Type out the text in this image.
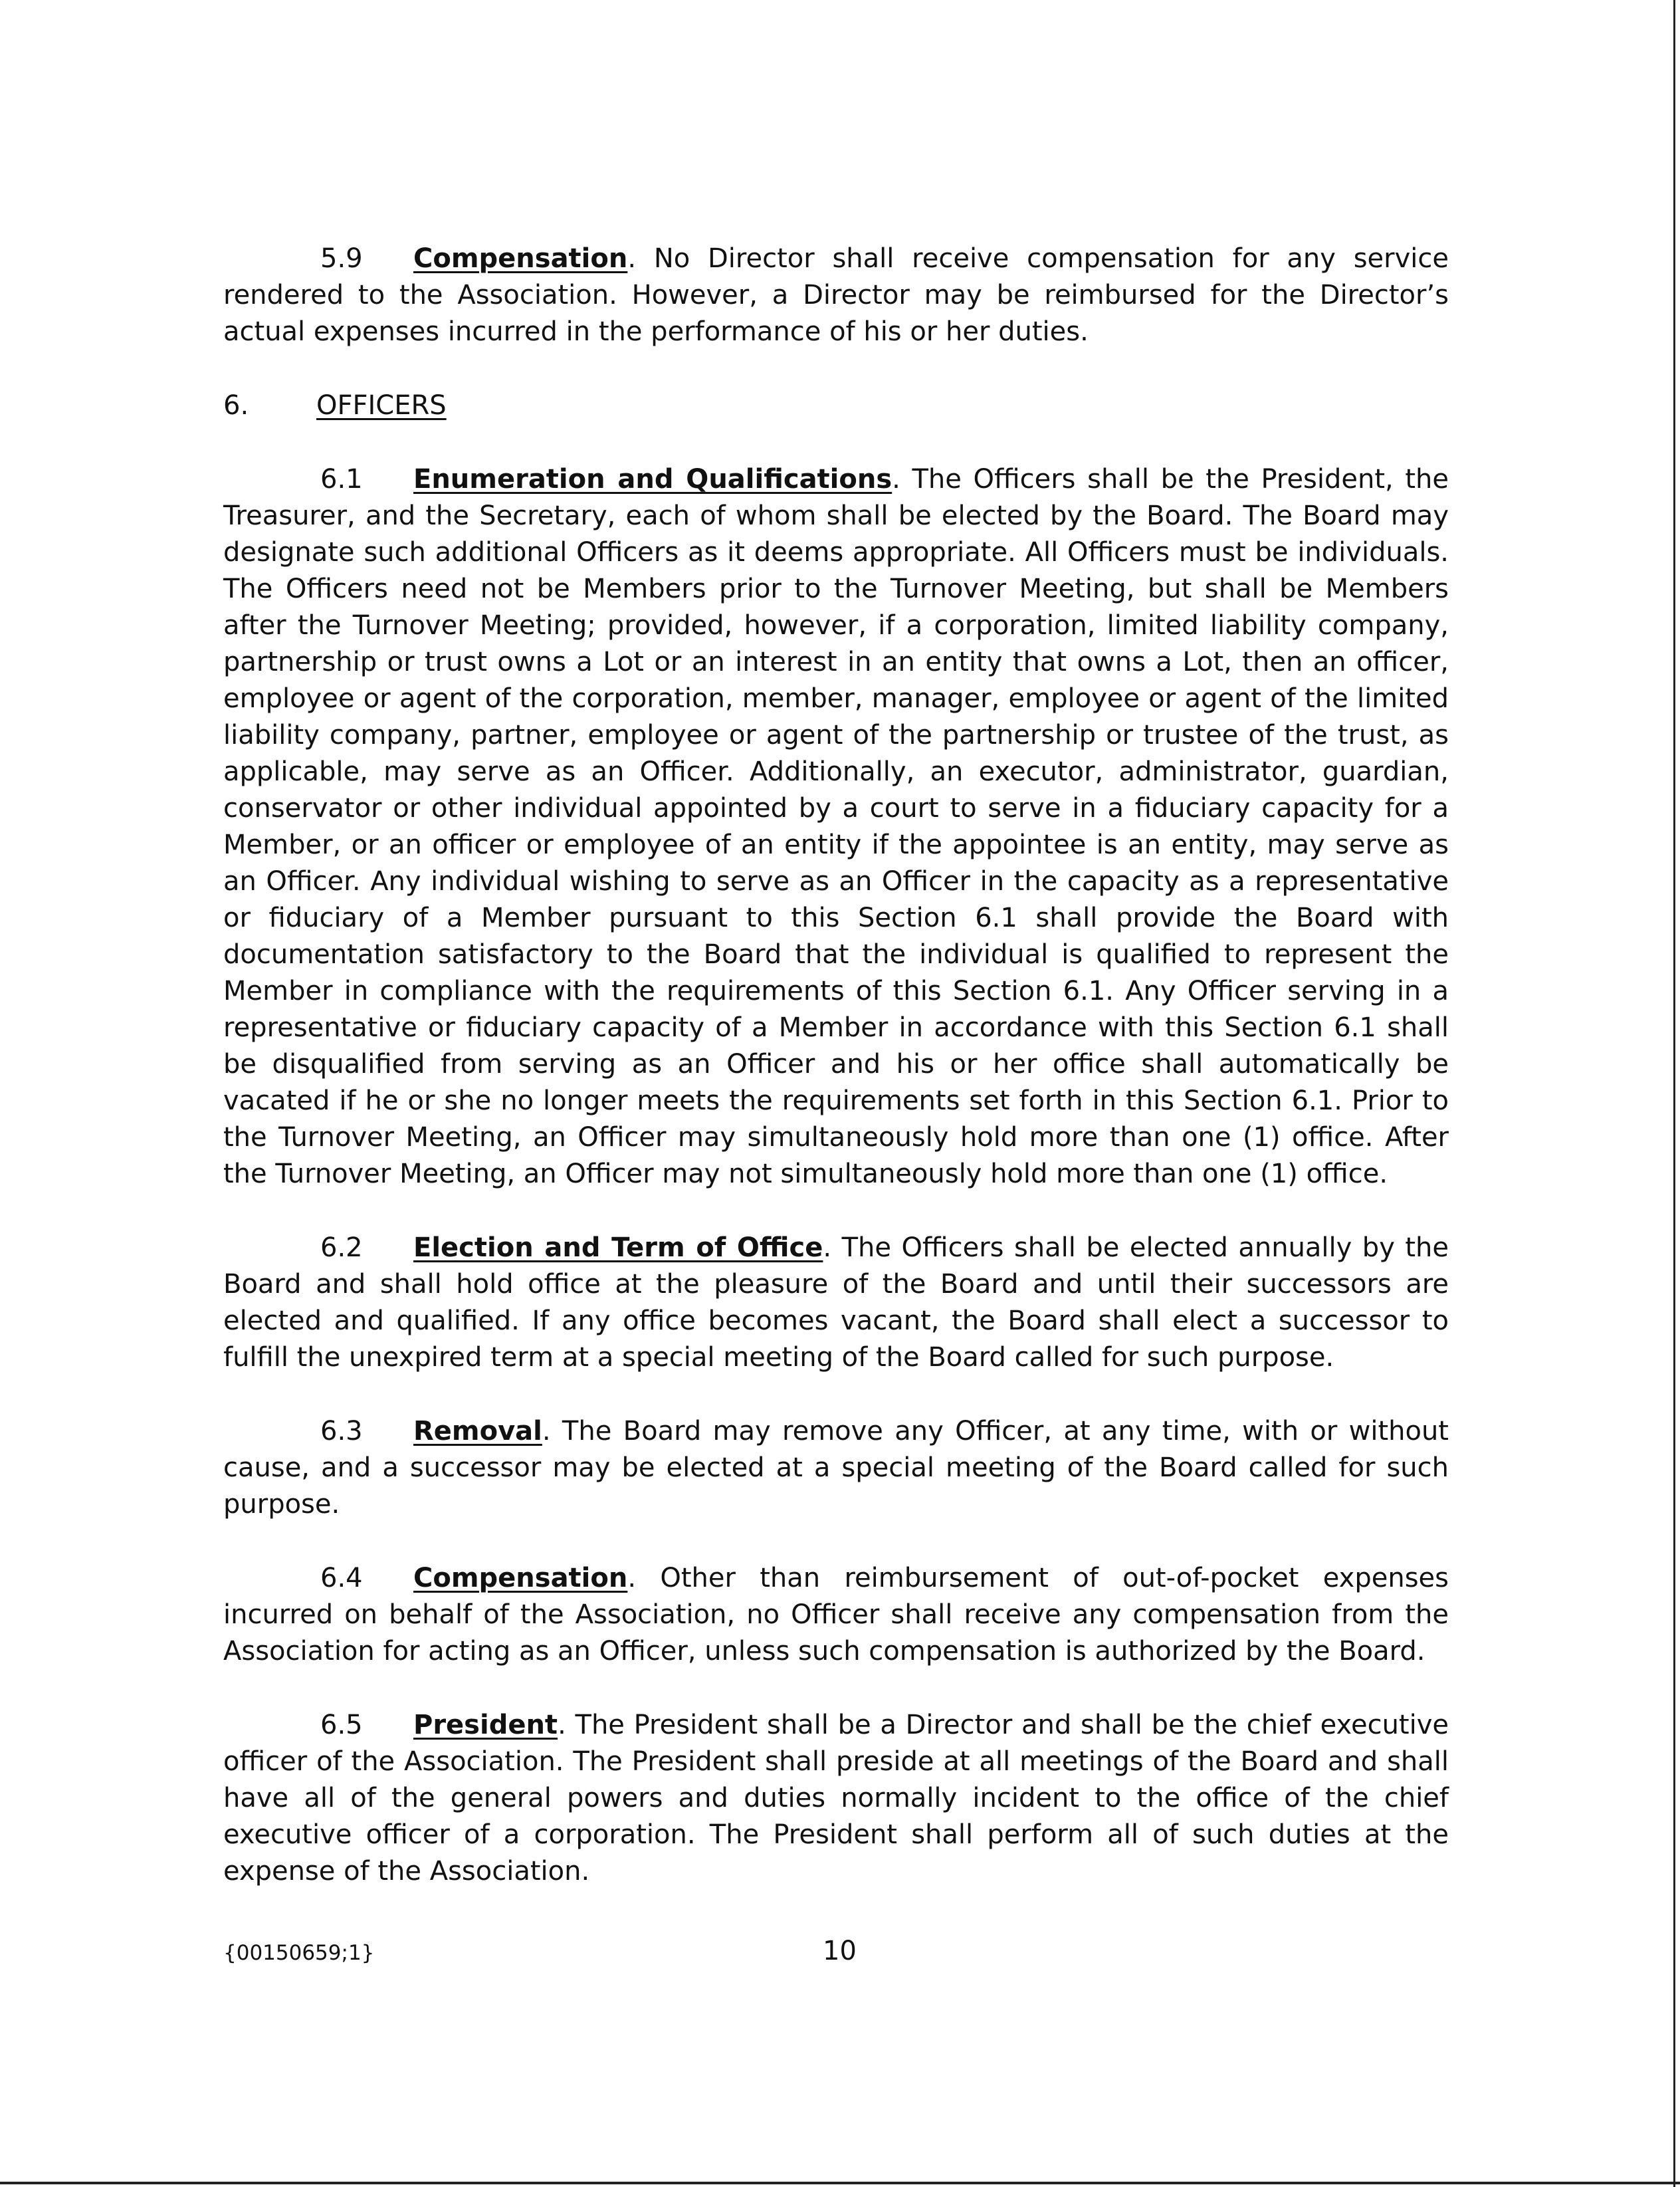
5.9 Compensation. No Director shall receive compensation for any service rendered to the Association. However, a Director may be reimbursed for the Director’s actual expenses incurred in the performance of his or her duties.

6.	OFFICERS

6.1 Enumeration and Qualifications. The Officers shall be the President, the Treasurer, and the Secretary, each of whom shall be elected by the Board. The Board may designate such additional Officers as it deems appropriate. All Officers must be individuals. The Officers need not be Members prior to the Turnover Meeting, but shall be Members after the Turnover Meeting; provided, however, if a corporation, limited liability company, partnership or trust owns a Lot or an interest in an entity that owns a Lot, then an officer, employee or agent of the corporation, member, manager, employee or agent of the limited liability company, partner, employee or agent of the partnership or trustee of the trust, as applicable, may serve as an Officer. Additionally, an executor, administrator, guardian, conservator or other individual appointed by a court to serve in a fiduciary capacity for a Member, or an officer or employee of an entity if the appointee is an entity, may serve as an Officer. Any individual wishing to serve as an Officer in the capacity as a representative or fiduciary of a Member pursuant to this Section 6.1 shall provide the Board with documentation satisfactory to the Board that the individual is qualified to represent the Member in compliance with the requirements of this Section 6.1. Any Officer serving in a representative or fiduciary capacity of a Member in accordance with this Section 6.1 shall be disqualified from serving as an Officer and his or her office shall automatically be vacated if he or she no longer meets the requirements set forth in this Section 6.1. Prior to the Turnover Meeting, an Officer may simultaneously hold more than one (1) office. After the Turnover Meeting, an Officer may not simultaneously hold more than one (1) office.

6.2 Election and Term of Office. The Officers shall be elected annually by the Board and shall hold office at the pleasure of the Board and until their successors are elected and qualified. If any office becomes vacant, the Board shall elect a successor to fulfill the unexpired term at a special meeting of the Board called for such purpose.

6.3 Removal. The Board may remove any Officer, at any time, with or without cause, and a successor may be elected at a special meeting of the Board called for such purpose.

6.4 Compensation. Other than reimbursement of out-of-pocket expenses incurred on behalf of the Association, no Officer shall receive any compensation from the Association for acting as an Officer, unless such compensation is authorized by the Board.

6.5 President. The President shall be a Director and shall be the chief executive officer of the Association. The President shall preside at all meetings of the Board and shall have all of the general powers and duties normally incident to the office of the chief executive officer of a corporation. The President shall perform all of such duties at the expense of the Association.

{00150659;1}	10
